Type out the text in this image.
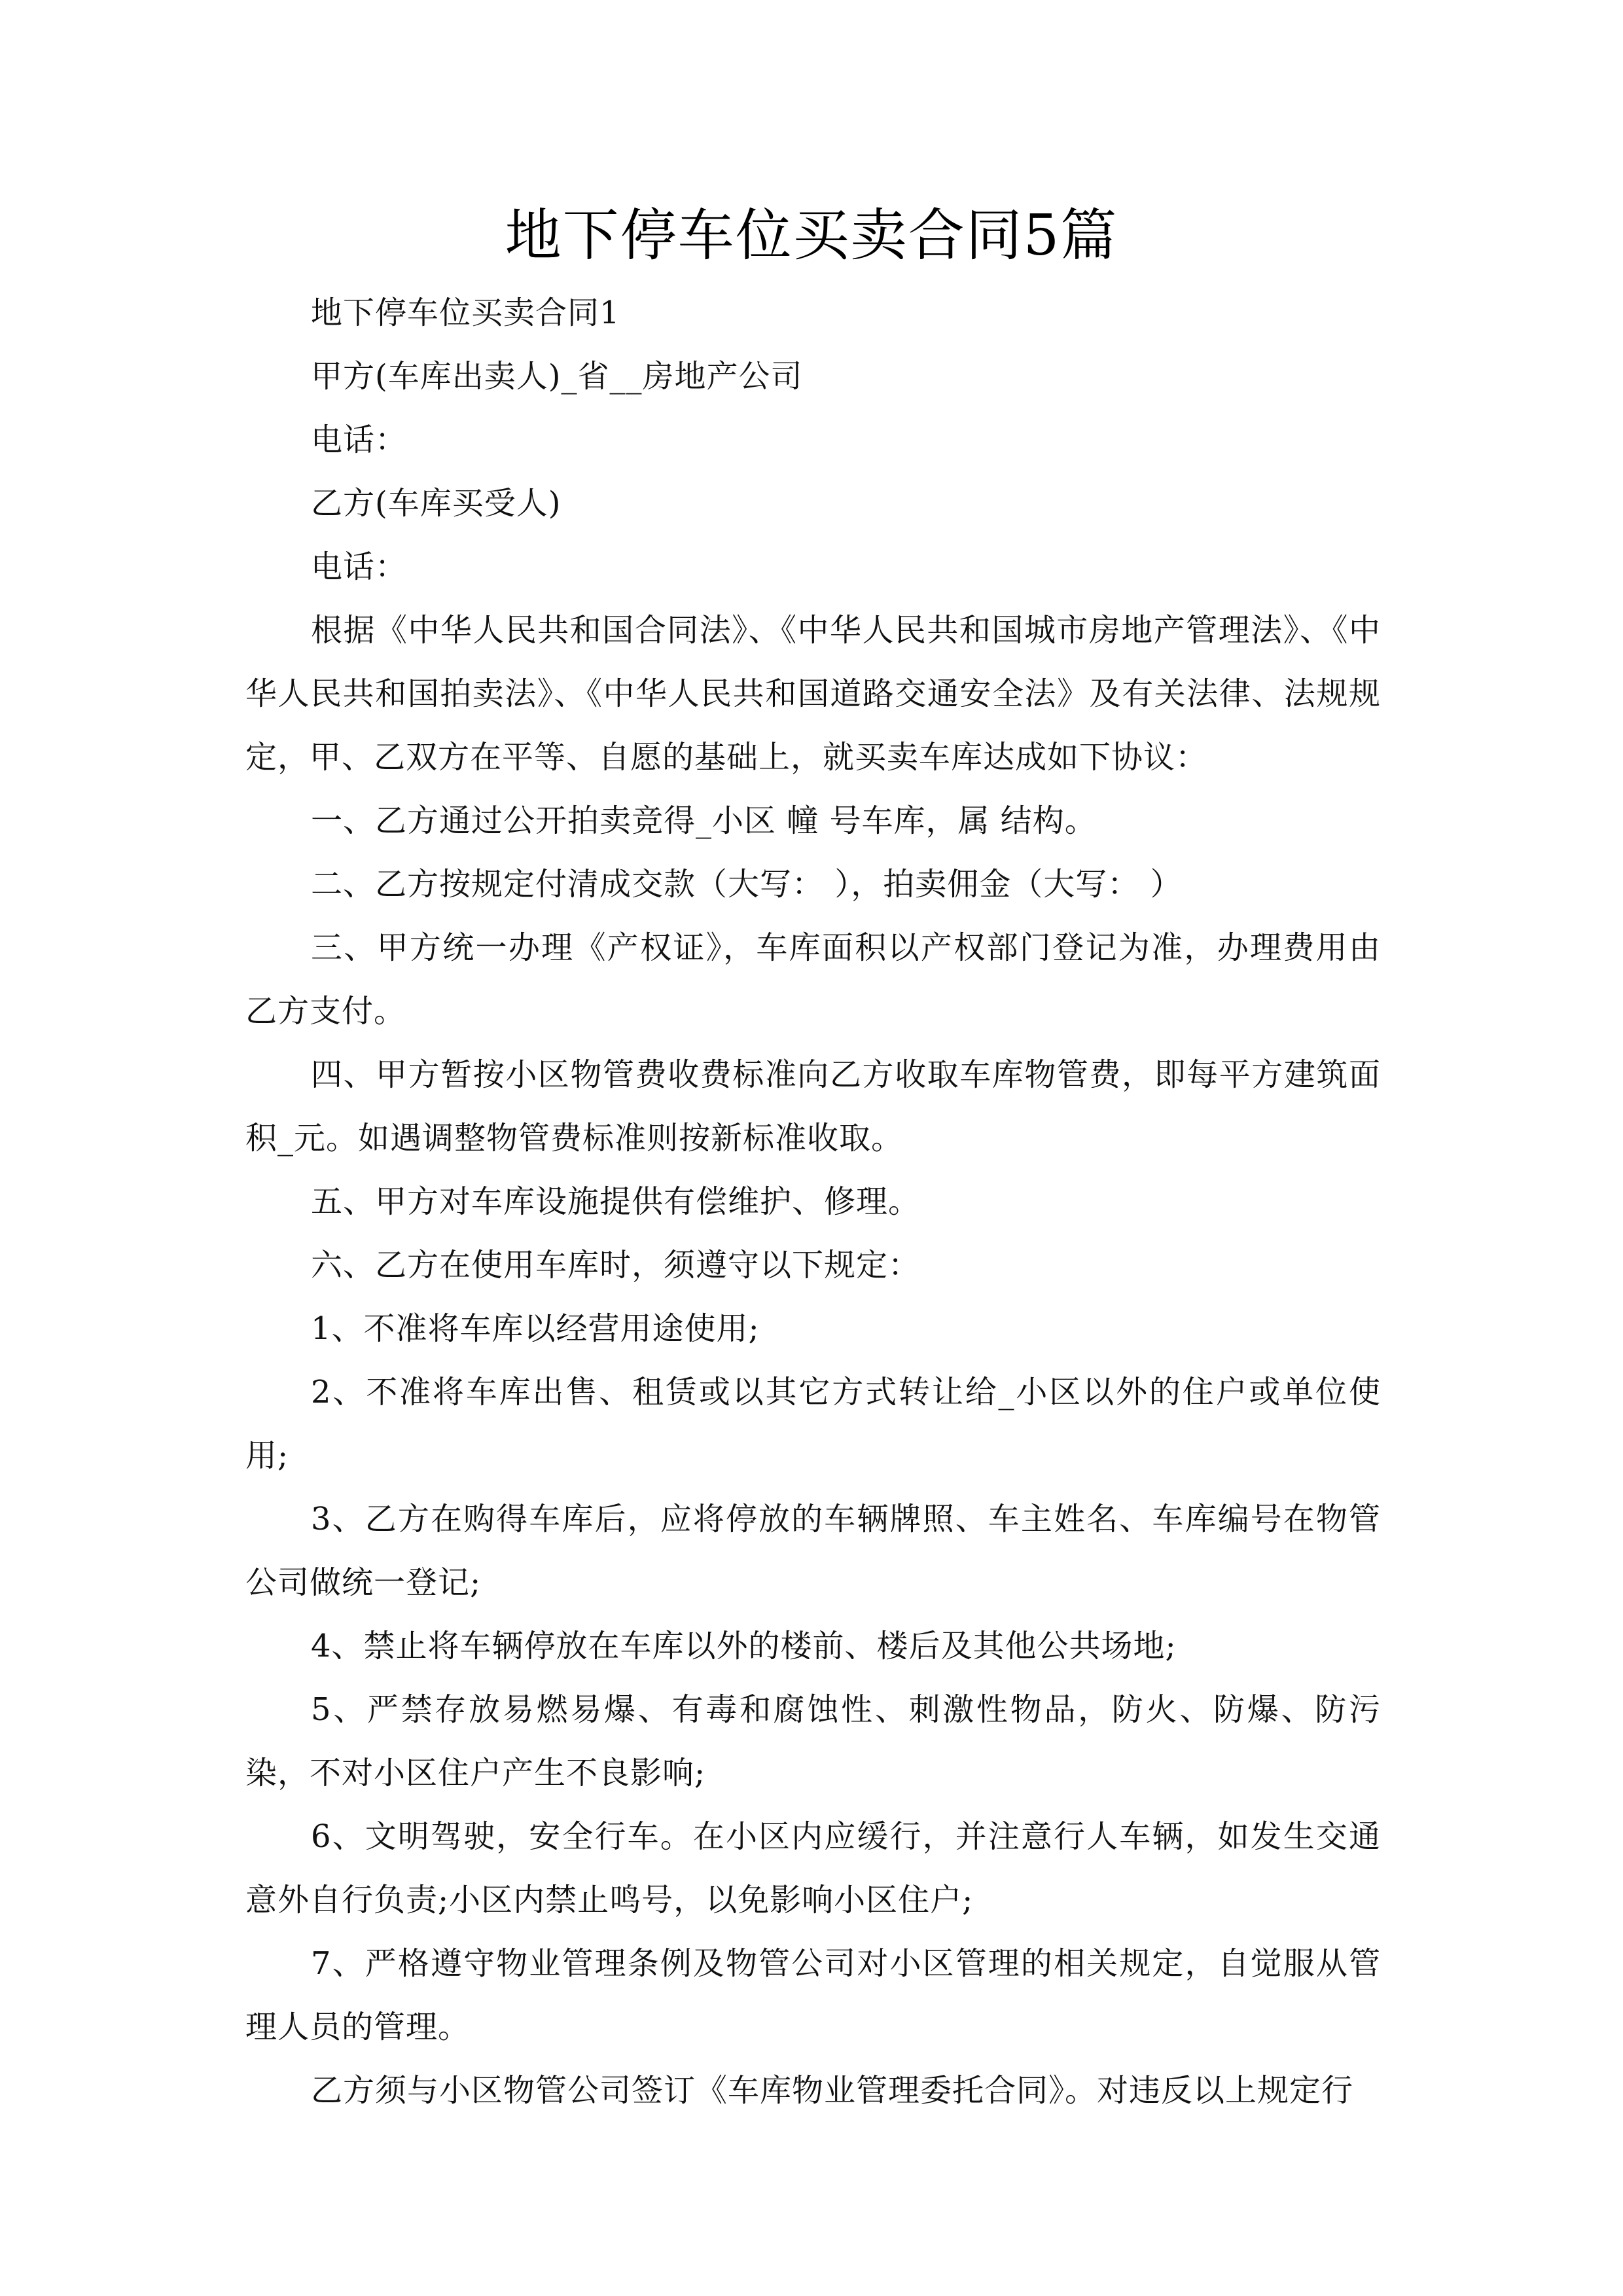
地下停车位买卖合同5篇

地下停车位买卖合同1

甲方(车库出卖人)_省__房地产公司

电话：

乙方(车库买受人)

电话：

根据《中华人民共和国合同法》、《中华人民共和国城市房地产管理法》、《中华人民共和国拍卖法》、《中华人民共和国道路交通安全法》及有关法律、法规规定，甲、乙双方在平等、自愿的基础上，就买卖车库达成如下协议：

一、乙方通过公开拍卖竞得_小区 幢 号车库，属 结构。

二、乙方按规定付清成交款（大写： ），拍卖佣金（大写： ）

三、甲方统一办理《产权证》，车库面积以产权部门登记为准，办理费用由乙方支付。

四、甲方暂按小区物管费收费标准向乙方收取车库物管费，即每平方建筑面积_元。如遇调整物管费标准则按新标准收取。

五、甲方对车库设施提供有偿维护、修理。

六、乙方在使用车库时，须遵守以下规定：

1、不准将车库以经营用途使用;

2、不准将车库出售、租赁或以其它方式转让给_小区以外的住户或单位使用;

3、乙方在购得车库后，应将停放的车辆牌照、车主姓名、车库编号在物管公司做统一登记;

4、禁止将车辆停放在车库以外的楼前、楼后及其他公共场地;

5、严禁存放易燃易爆、有毒和腐蚀性、刺激性物品，防火、防爆、防污染，不对小区住户产生不良影响;

6、文明驾驶，安全行车。在小区内应缓行，并注意行人车辆，如发生交通意外自行负责;小区内禁止鸣号，以免影响小区住户;

7、严格遵守物业管理条例及物管公司对小区管理的相关规定，自觉服从管理人员的管理。

乙方须与小区物管公司签订《车库物业管理委托合同》。对违反以上规定行
